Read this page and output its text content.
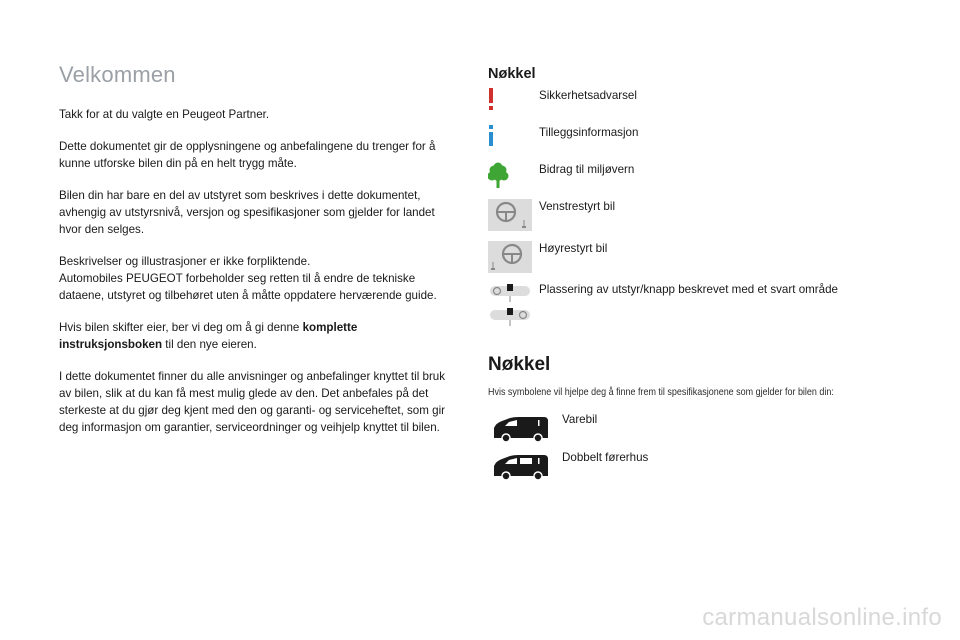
Velkommen

Takk for at du valgte en Peugeot Partner.

Dette dokumentet gir de opplysningene og anbefalingene du trenger for å kunne utforske bilen din på en helt trygg måte.

Bilen din har bare en del av utstyret som beskrives i dette dokumentet, avhengig av utstyrsnivå, versjon og spesifikasjoner som gjelder for landet hvor den selges.

Beskrivelser og illustrasjoner er ikke forpliktende.
Automobiles PEUGEOT forbeholder seg retten til å endre de tekniske dataene, utstyret og tilbehøret uten å måtte oppdatere herværende guide.

Hvis bilen skifter eier, ber vi deg om å gi denne komplette instruksjonsboken til den nye eieren.

I dette dokumentet finner du alle anvisninger og anbefalinger knyttet til bruk av bilen, slik at du kan få mest mulig glede av den. Det anbefales på det sterkeste at du gjør deg kjent med den og garanti- og serviceheftet, som gir deg informasjon om garantier, serviceordninger og veihjelp knyttet til bilen.

Nøkkel
Sikkerhetsadvarsel
Tilleggsinformasjon
Bidrag til miljøvern
Venstrestyrt bil
Høyrestyrt bil
Plassering av utstyr/knapp beskrevet med et svart område
Nøkkel
Hvis symbolene vil hjelpe deg å finne frem til spesifikasjonene som gjelder for bilen din:
Varebil
Dobbelt førerhus
carmanualsonline.info
